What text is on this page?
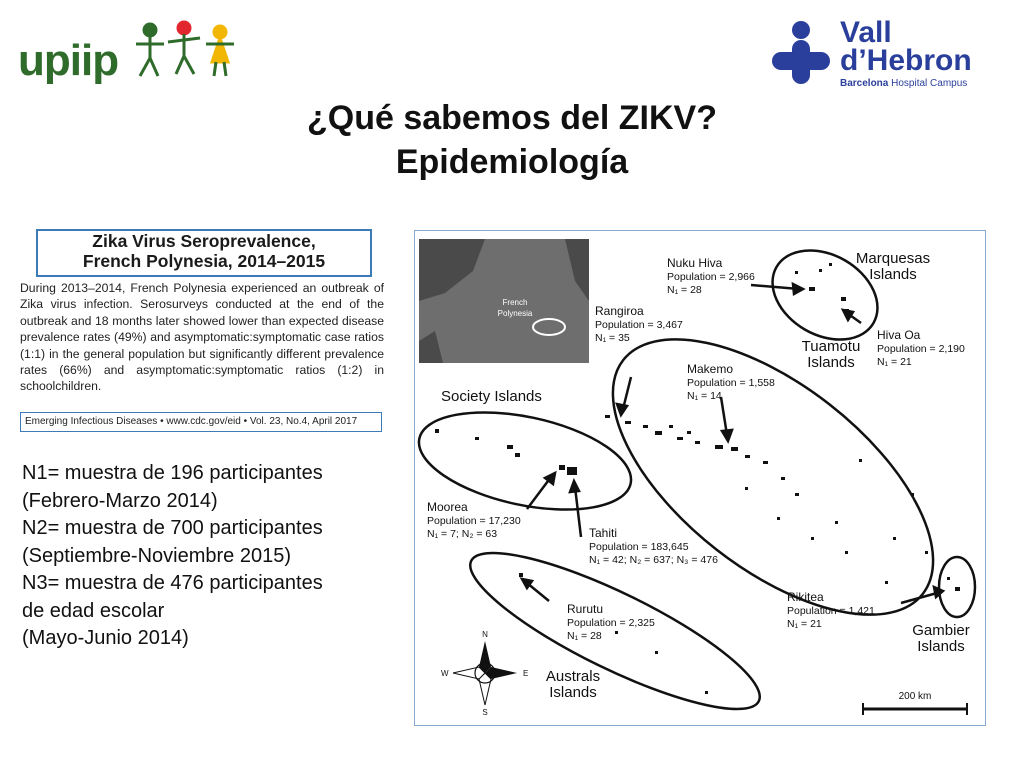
upiip
Vall
d’Hebron
Barcelona Hospital Campus
¿Qué sabemos del ZIKV?
Epidemiología
Zika Virus Seroprevalence,
French Polynesia, 2014–2015
During 2013–2014, French Polynesia experienced an outbreak of Zika virus infection. Serosurveys conducted at the end of the outbreak and 18 months later showed lower than expected disease prevalence rates (49%) and asymptomatic:symptomatic case ratios (1:1) in the general population but significantly different prevalence rates (66%) and asymptomatic:symptomatic ratios (1:2) in schoolchildren.
Emerging Infectious Diseases • www.cdc.gov/eid • Vol. 23, No.4, April 2017
N1= muestra de 196 participantes
(Febrero-Marzo 2014)
N2= muestra de 700 participantes
(Septiembre-Noviembre 2015)
N3= muestra de 476 participantes
de edad escolar
(Mayo-Junio 2014)
French
Polynesia
Marquesas
Islands
Tuamotu
Islands
Society Islands
Gambier
Islands
Australs
Islands
Nuku Hiva
Population = 2,966
N₁ = 28
Rangiroa
Population = 3,467
N₁ = 35	Hiva Oa
Population = 2,190
N₁ = 21
Makemo
Population = 1,558
N₁ = 14
Moorea
Population = 17,230
N₁ = 7; N₂ = 63	Tahiti
Population = 183,645
N₁ = 42; N₂ = 637; N₃ = 476
Rikitea
Population = 1,421
N₁ = 21
Rurutu
Population = 2,325
N₁ = 28
N
S
E
W
200 km
